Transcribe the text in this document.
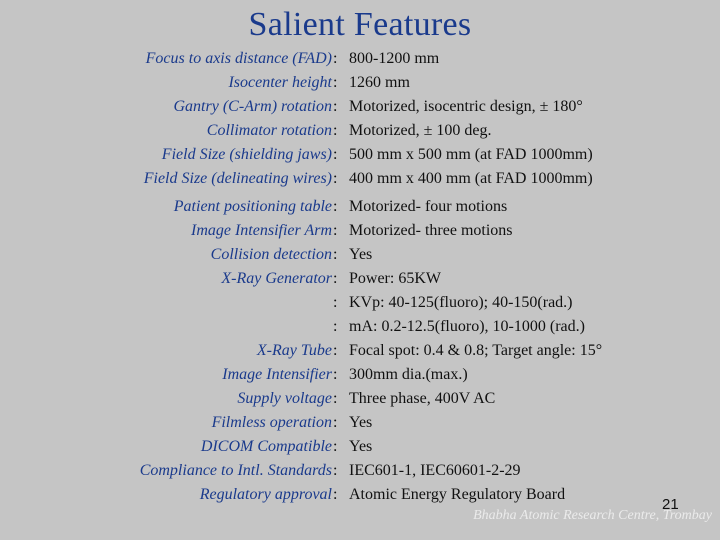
Salient Features
Focus to axis distance (FAD) : 800-1200 mm
Isocenter height : 1260 mm
Gantry (C-Arm) rotation : Motorized, isocentric design, ± 180°
Collimator rotation : Motorized, ± 100 deg.
Field Size (shielding jaws) : 500 mm x 500 mm (at FAD 1000mm)
Field Size (delineating wires) : 400 mm x 400 mm (at FAD 1000mm)
Patient positioning table : Motorized- four motions
Image Intensifier Arm : Motorized- three motions
Collision detection : Yes
X-Ray Generator : Power: 65KW
: KVp: 40-125(fluoro); 40-150(rad.)
: mA: 0.2-12.5(fluoro), 10-1000 (rad.)
X-Ray Tube : Focal spot: 0.4 & 0.8; Target angle: 15°
Image Intensifier : 300mm dia.(max.)
Supply voltage : Three phase, 400V AC
Filmless operation : Yes
DICOM Compatible : Yes
Compliance to Intl. Standards : IEC601-1, IEC60601-2-29
Regulatory approval : Atomic Energy Regulatory Board
21
Bhabha Atomic Research Centre, Trombay
